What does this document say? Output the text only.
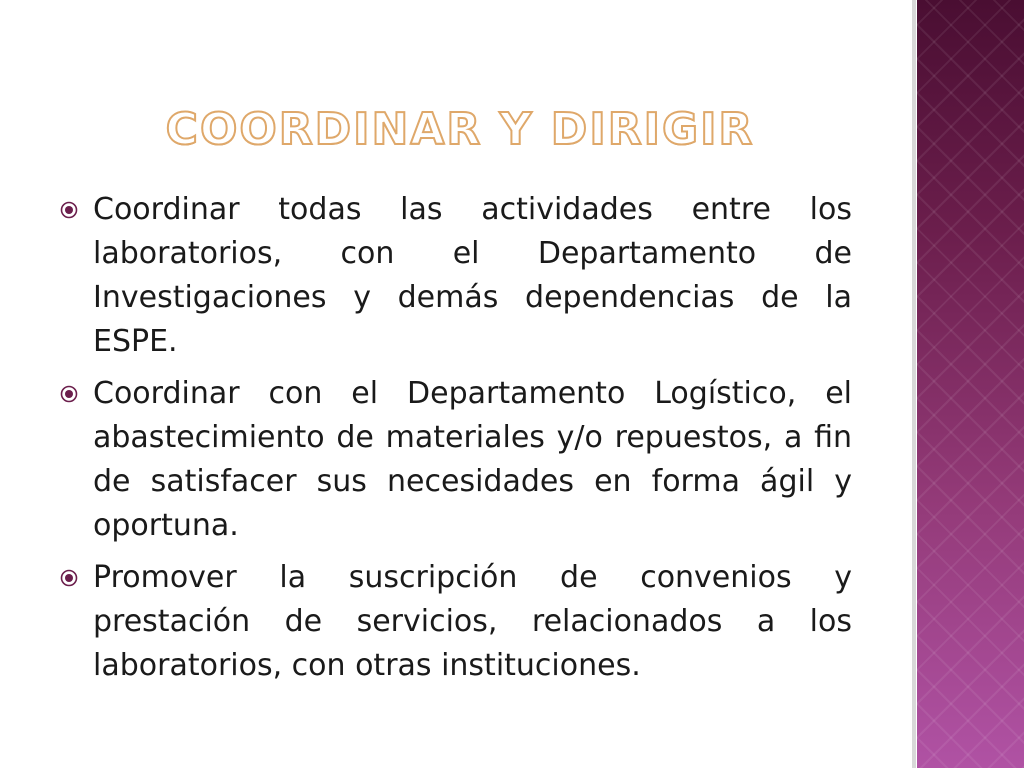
COORDINAR Y DIRIGIR
Coordinar todas las actividades entre los laboratorios, con el Departamento de Investigaciones y demás dependencias de la ESPE.
Coordinar con el Departamento Logístico, el abastecimiento de materiales y/o repuestos, a fin de satisfacer sus necesidades en forma ágil y oportuna.
Promover la suscripción de convenios y prestación de servicios, relacionados a los laboratorios, con otras instituciones.
